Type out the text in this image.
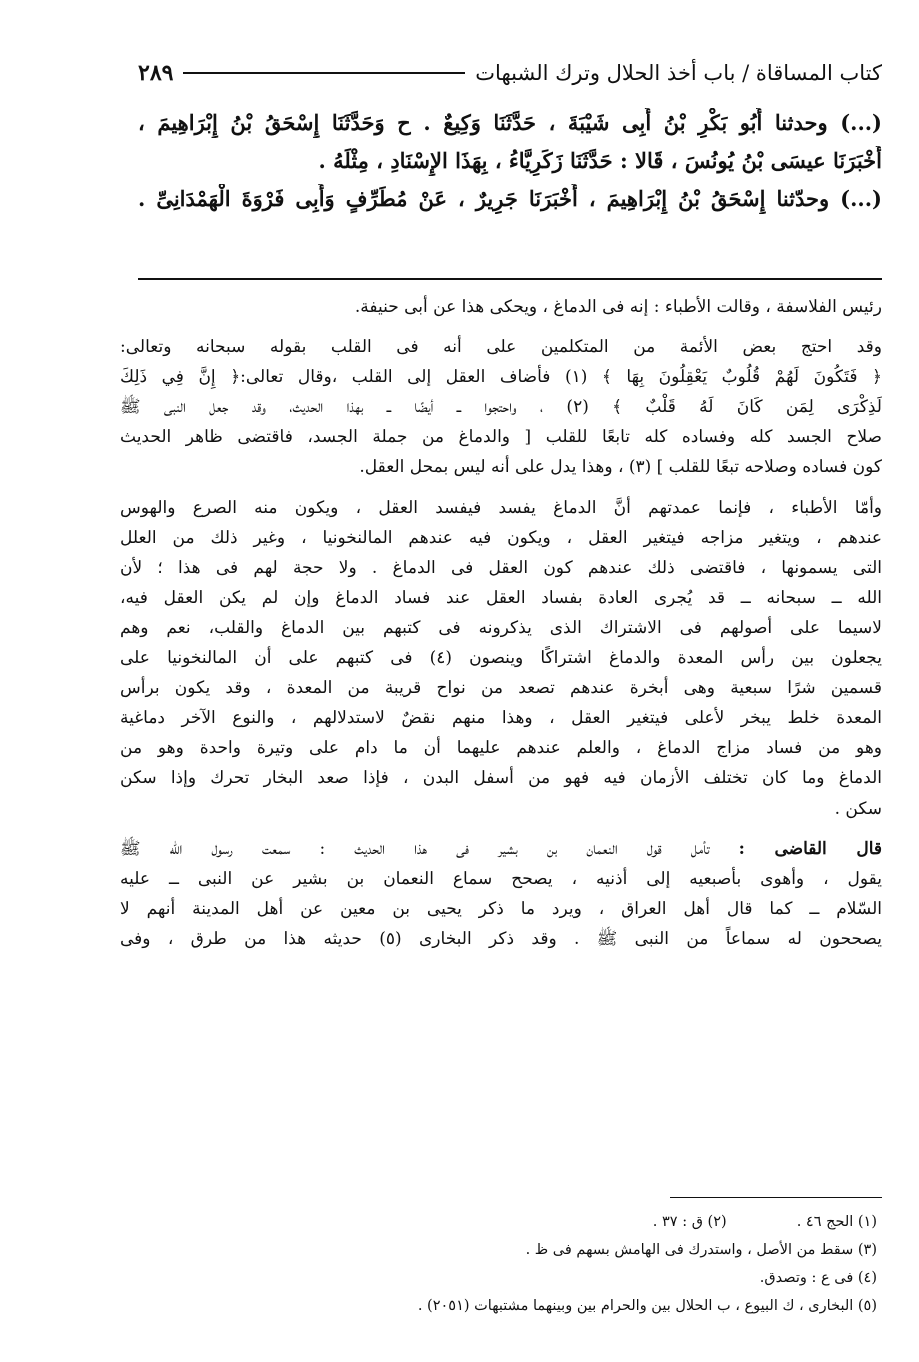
كتاب المساقاة / باب أخذ الحلال وترك الشبهات
٢٨٩

(...) وحدثنا أَبُو بَكْرِ بْنُ أَبِى شَيْبَةَ ، حَدَّثَنَا وَكِيعٌ . ح وَحَدَّثَنَا إِسْحَقُ بْنُ إِبْرَاهِيمَ ،

أَخْبَرَنَا عيسَى بْنُ يُونُسَ ، قَالا : حَدَّثَنَا زَكَرِيَّاءُ ، بِهَذَا الإِسْنَادِ ، مِثْلَهُ .

(...) وحدّثنا إِسْحَقُ بْنُ إِبْرَاهِيمَ ، أَخْبَرَنَا جَرِيرٌ ، عَنْ مُطَرِّفٍ وَأَبِى فَرْوَةَ الْهَمْدَانِىِّ .

رئيس الفلاسفة ، وقالت الأطباء : إنه فى الدماغ ، ويحكى هذا عن أبى حنيفة.

وقد احتج بعض الأئمة من المتكلمين على أنه فى القلب بقوله سبحانه وتعالى:

﴿ فَتَكُونَ لَهُمْ قُلُوبٌ يَعْقِلُونَ بِهَا ﴾ (١) فأضاف العقل إلى القلب ،وقال تعالى:﴿ إِنَّ فِي ذَلِكَ

لَذِكْرَى لِمَن كَانَ لَهُ قَلْبٌ ﴾ (٢) ، واحتجوا ــ أيضًا ــ بهذا الحديث، وقد جعل النبى ﷺ

صلاح الجسد كله وفساده كله تابعًا للقلب [ والدماغ من جملة الجسد، فاقتضى ظاهر الحديث

كون فساده وصلاحه تبعًا للقلب ] (٣) ، وهذا يدل على أنه ليس بمحل العقل.

وأمّا الأطباء ، فإنما عمدتهم أنَّ الدماغ يفسد فيفسد العقل ، ويكون منه الصرع والهوس

عندهم ، ويتغير مزاجه فيتغير العقل ، ويكون فيه عندهم المالنخونيا ، وغير ذلك من العلل

التى يسمونها ، فاقتضى ذلك عندهم كون العقل فى الدماغ . ولا حجة لهم فى هذا ؛ لأن

الله ــ سبحانه ــ قد يُجرى العادة بفساد العقل عند فساد الدماغ وإن لم يكن العقل فيه،

لاسيما على أصولهم فى الاشتراك الذى يذكرونه فى كتبهم بين الدماغ والقلب، نعم وهم

يجعلون بين رأس المعدة والدماغ اشتراكًا وينصون (٤) فى كتبهم على أن المالنخونيا على

قسمين شرًا سبعية وهى أبخرة عندهم تصعد من نواح قريبة من المعدة ، وقد يكون برأس

المعدة خلط يبخر لأعلى فيتغير العقل ، وهذا منهم نقضٌ لاستدلالهم ، والنوع الآخر دماغية

وهو من فساد مزاج الدماغ ، والعلم عندهم عليهما أن ما دام على وتيرة واحدة وهو من

الدماغ وما كان تختلف الأزمان فيه فهو من أسفل البدن ، فإذا صعد البخار تحرك وإذا سكن

سكن .

قال القاضى : تأمل قول النعمان بن بشير فى هذا الحديث : سمعت رسول الله ﷺ

يقول ، وأهوى بأصبعيه إلى أذنيه ، يصحح سماع النعمان بن بشير عن النبى ــ عليه

السّلام ــ كما قال أهل العراق ، ويرد ما ذكر يحيى بن معين عن أهل المدينة أنهم لا

يصححون له سماعاً من النبى ﷺ . وقد ذكر البخارى (٥) حديثه هذا من طرق ، وفى

(١) الحج ٤٦ .(٢) ق : ٣٧ .

(٣) سقط من الأصل ، واستدرك فى الهامش بسهم فى ظ .

(٤) فى ع : وتصدق.

(٥) البخارى ، ك البيوع ، ب الحلال بين والحرام بين وبينهما مشتبهات (٢٠٥١) .
